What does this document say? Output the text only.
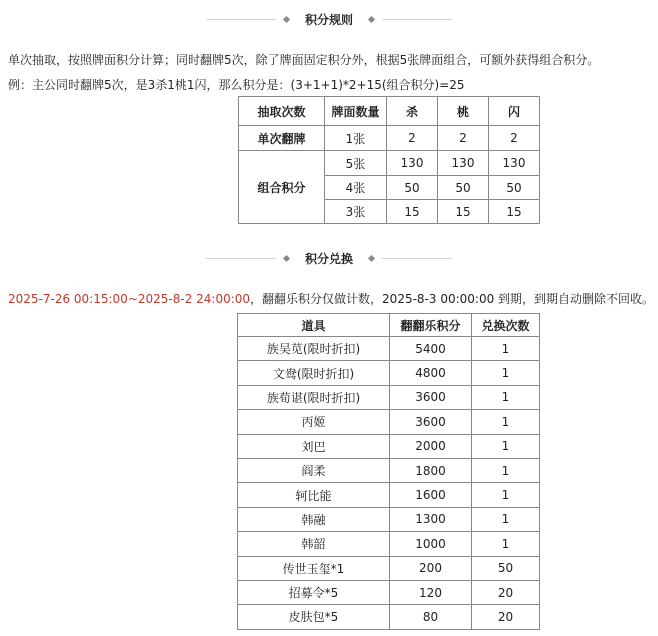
积分规则
单次抽取，按照牌面积分计算；同时翻牌5次，除了牌面固定积分外，根据5张牌面组合，可额外获得组合积分。
例：主公同时翻牌5次，是3杀1桃1闪，那么积分是：(3+1+1)*2+15(组合积分)=25
抽取次数	牌面数量	杀	桃	闪
单次翻牌	1张	2	2	2
组合积分	5张	130	130	130
	4张	50	50	50
	3张	15	15	15
积分兑换
2025-7-26 00:15:00~2025-8-2 24:00:00，翻翻乐积分仅做计数，2025-8-3 00:00:00 到期，到期自动删除不回收。
道具	翻翻乐积分	兑换次数
族吴苋(限时折扣)	5400	1
文鸯(限时折扣)	4800	1
族荀谌(限时折扣)	3600	1
丙姬	3600	1
刘巴	2000	1
阎柔	1800	1
轲比能	1600	1
韩融	1300	1
韩韶	1000	1
传世玉玺*1	200	50
招募令*5	120	20
皮肤包*5	80	20
